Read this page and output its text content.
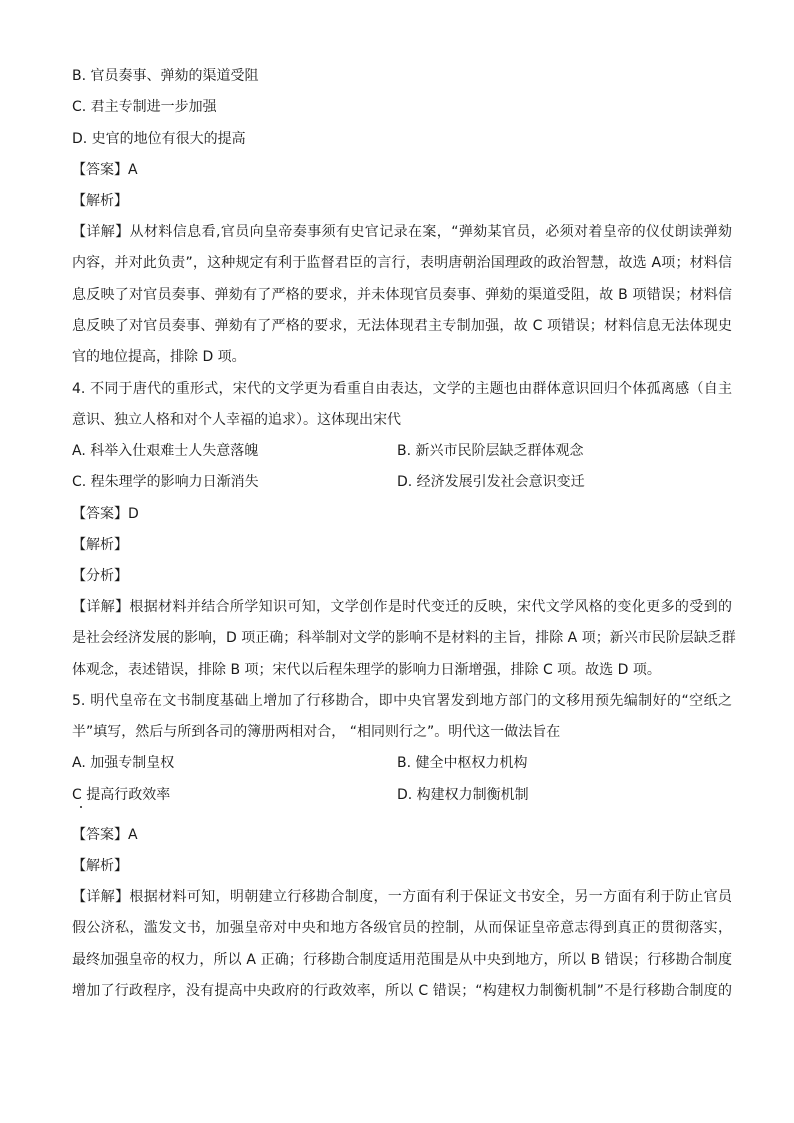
B. 官员奏事、弹劾的渠道受阻
C. 君主专制进一步加强
D. 史官的地位有很大的提高
【答案】A
【解析】
【详解】从材料信息看,官员向皇帝奏事须有史官记录在案，“弹劾某官员，必须对着皇帝的仪仗朗读弹劾
内容，并对此负责”，这种规定有利于监督君臣的言行，表明唐朝治国理政的政治智慧，故选 A项；材料信
息反映了对官员奏事、弹劾有了严格的要求，并未体现官员奏事、弹劾的渠道受阻，故 B 项错误；材料信
息反映了对官员奏事、弹劾有了严格的要求，无法体现君主专制加强，故 C 项错误；材料信息无法体现史
官的地位提高，排除 D 项。
4. 不同于唐代的重形式，宋代的文学更为看重自由表达，文学的主题也由群体意识回归个体孤离感（自主
意识、独立人格和对个人幸福的追求）。这体现出宋代
A. 科举入仕艰难士人失意落魄	B. 新兴市民阶层缺乏群体观念
C. 程朱理学的影响力日渐消失	D. 经济发展引发社会意识变迁
【答案】D
【解析】
【分析】
【详解】根据材料并结合所学知识可知，文学创作是时代变迁的反映，宋代文学风格的变化更多的受到的
是社会经济发展的影响，D 项正确；科举制对文学的影响不是材料的主旨，排除 A 项；新兴市民阶层缺乏群
体观念，表述错误，排除 B 项；宋代以后程朱理学的影响力日渐增强，排除 C 项。故选 D 项。
5. 明代皇帝在文书制度基础上增加了行移勘合，即中央官署发到地方部门的文移用预先编制好的“空纸之
半”填写，然后与所到各司的簿册两相对合， “相同则行之”。明代这一做法旨在
A. 加强专制皇权	B. 健全中枢权力机构
C 提高行政效率	D. 构建权力制衡机制
【答案】A
【解析】
【详解】根据材料可知，明朝建立行移勘合制度，一方面有利于保证文书安全，另一方面有利于防止官员
假公济私，滥发文书，加强皇帝对中央和地方各级官员的控制，从而保证皇帝意志得到真正的贯彻落实，
最终加强皇帝的权力，所以 A 正确；行移勘合制度适用范围是从中央到地方，所以 B 错误；行移勘合制度
增加了行政程序，没有提高中央政府的行政效率，所以 C 错误；“构建权力制衡机制”不是行移勘合制度的
